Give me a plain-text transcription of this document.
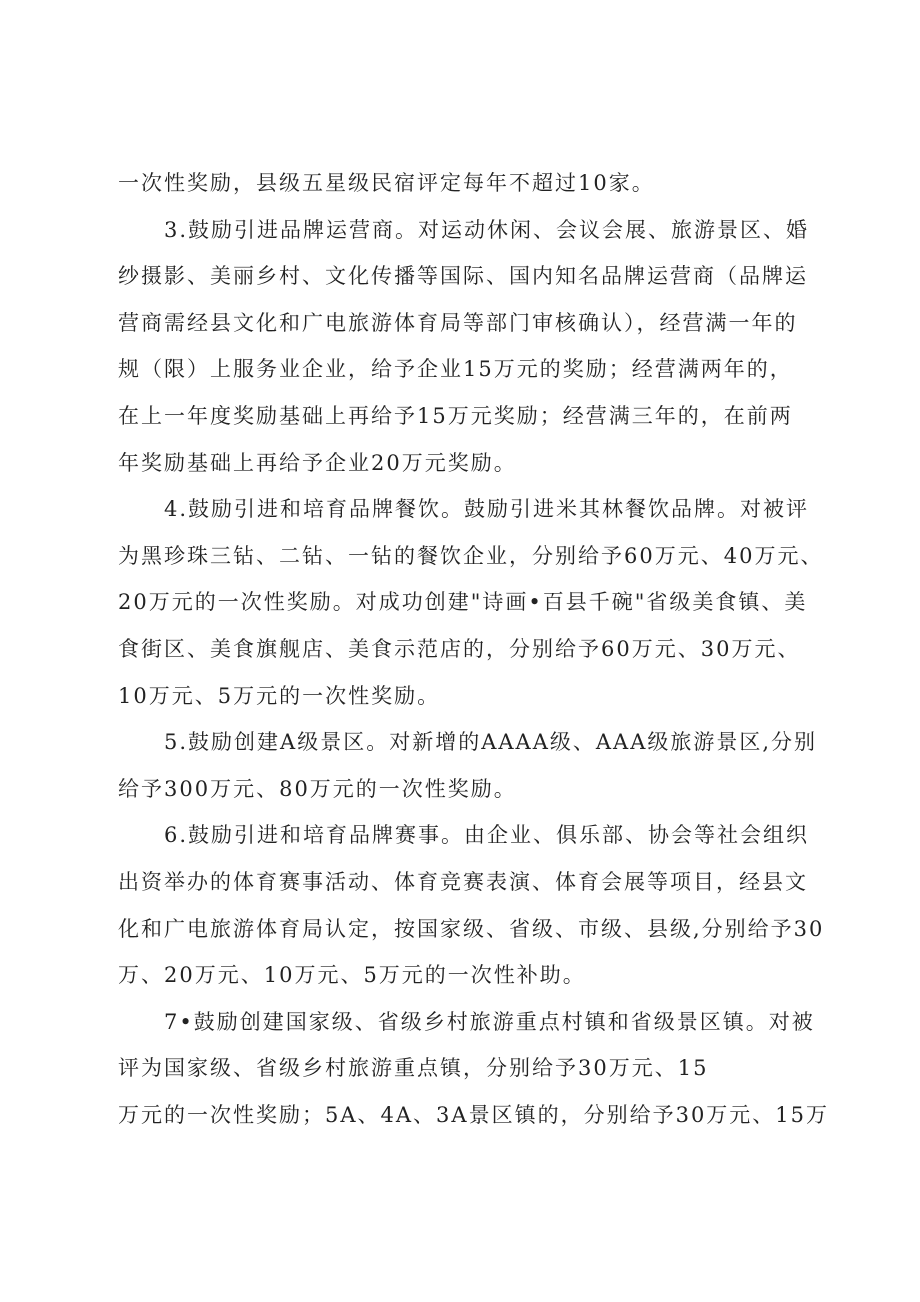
一次性奖励，县级五星级民宿评定每年不超过10家。
3.鼓励引进品牌运营商。对运动休闲、会议会展、旅游景区、婚
纱摄影、美丽乡村、文化传播等国际、国内知名品牌运营商（品牌运
营商需经县文化和广电旅游体育局等部门审核确认），经营满一年的
规（限）上服务业企业，给予企业15万元的奖励；经营满两年的，
在上一年度奖励基础上再给予15万元奖励；经营满三年的，在前两
年奖励基础上再给予企业20万元奖励。
4.鼓励引进和培育品牌餐饮。鼓励引进米其林餐饮品牌。对被评
为黑珍珠三钻、二钻、一钻的餐饮企业，分别给予60万元、40万元、
20万元的一次性奖励。对成功创建"诗画•百县千碗"省级美食镇、美
食街区、美食旗舰店、美食示范店的，分别给予60万元、30万元、
10万元、5万元的一次性奖励。
5.鼓励创建A级景区。对新增的AAAA级、AAA级旅游景区,分别
给予300万元、80万元的一次性奖励。
6.鼓励引进和培育品牌赛事。由企业、俱乐部、协会等社会组织
出资举办的体育赛事活动、体育竞赛表演、体育会展等项目，经县文
化和广电旅游体育局认定，按国家级、省级、市级、县级,分别给予30
万、20万元、10万元、5万元的一次性补助。
7•鼓励创建国家级、省级乡村旅游重点村镇和省级景区镇。对被
评为国家级、省级乡村旅游重点镇，分别给予30万元、15
万元的一次性奖励；5A、4A、3A景区镇的，分别给予30万元、15万
